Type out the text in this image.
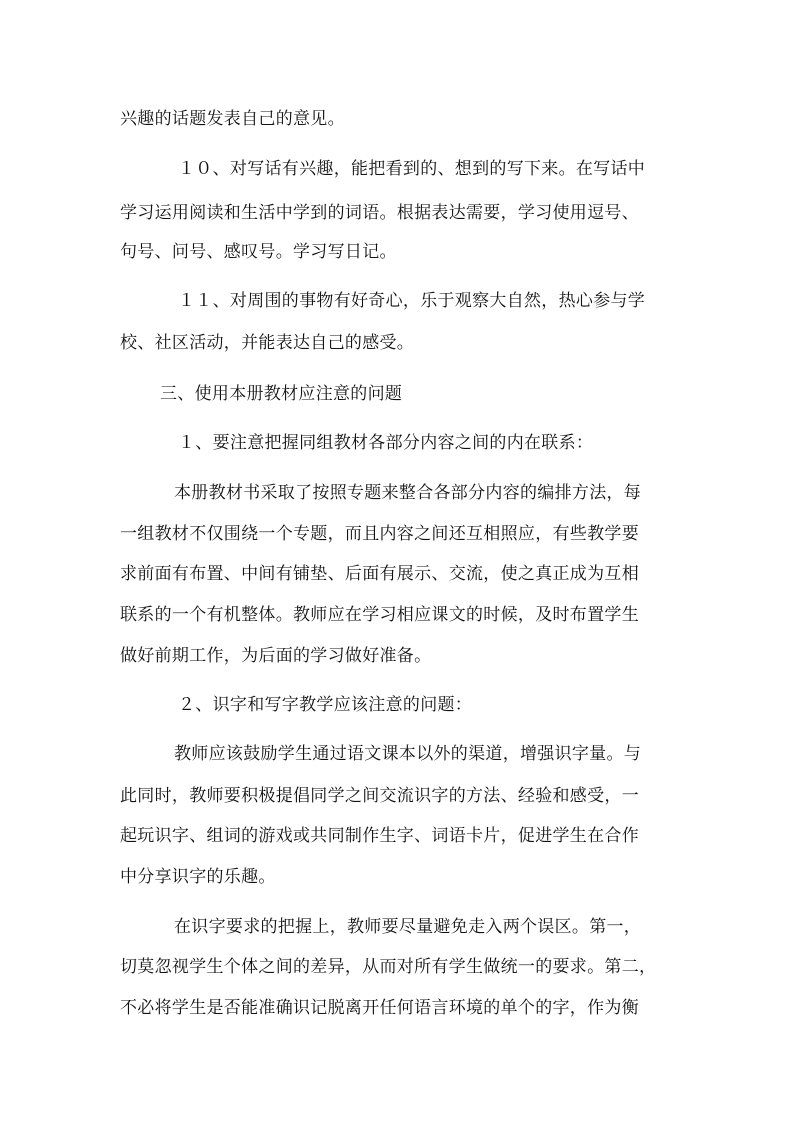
兴趣的话题发表自己的意见。
１０、对写话有兴趣，能把看到的、想到的写下来。在写话中
学习运用阅读和生活中学到的词语。根据表达需要，学习使用逗号、
句号、问号、感叹号。学习写日记。
１１、对周围的事物有好奇心，乐于观察大自然，热心参与学
校、社区活动，并能表达自己的感受。
三、使用本册教材应注意的问题
１、要注意把握同组教材各部分内容之间的内在联系：
本册教材书采取了按照专题来整合各部分内容的编排方法，每
一组教材不仅围绕一个专题，而且内容之间还互相照应，有些教学要
求前面有布置、中间有铺垫、后面有展示、交流，使之真正成为互相
联系的一个有机整体。教师应在学习相应课文的时候，及时布置学生
做好前期工作，为后面的学习做好准备。
２、识字和写字教学应该注意的问题：
教师应该鼓励学生通过语文课本以外的渠道，增强识字量。与
此同时，教师要积极提倡同学之间交流识字的方法、经验和感受，一
起玩识字、组词的游戏或共同制作生字、词语卡片，促进学生在合作
中分享识字的乐趣。
在识字要求的把握上，教师要尽量避免走入两个误区。第一，
切莫忽视学生个体之间的差异，从而对所有学生做统一的要求。第二，
不必将学生是否能准确识记脱离开任何语言环境的单个的字，作为衡
